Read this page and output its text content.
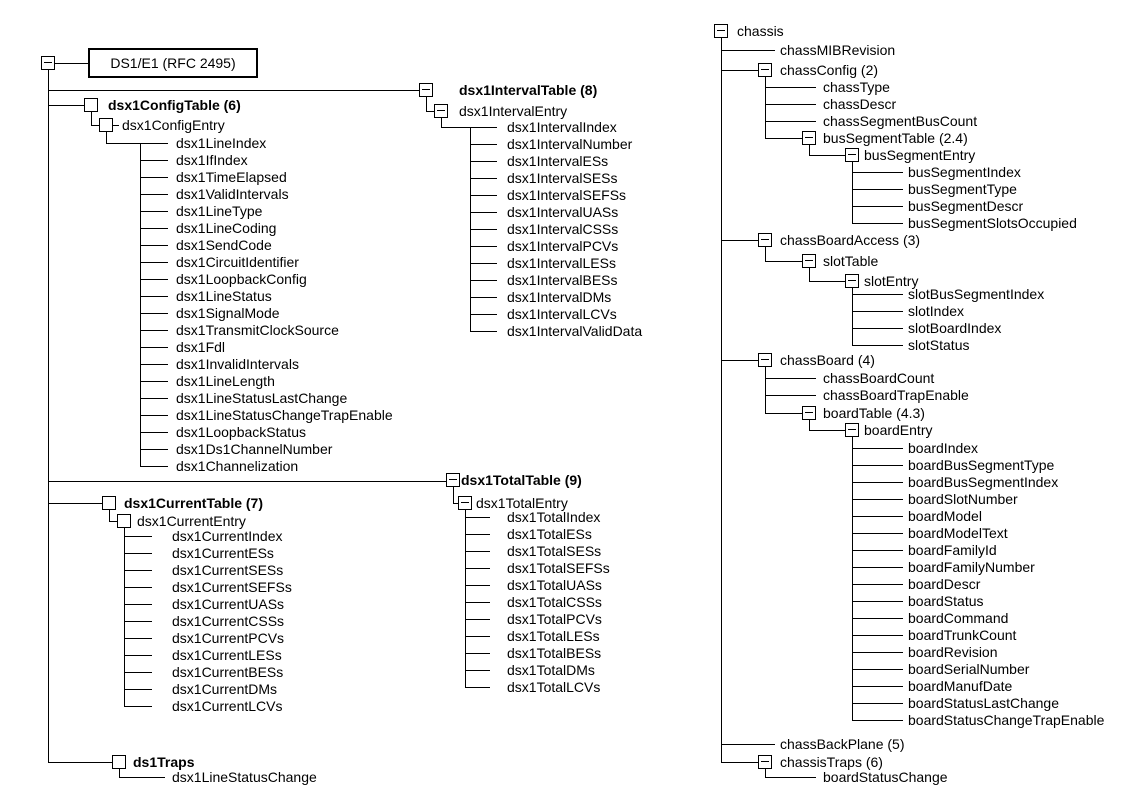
DS1/E1 (RFC 2495)
dsx1ConfigTable (6)
dsx1ConfigEntry
dsx1LineIndex
dsx1IfIndex
dsx1TimeElapsed
dsx1ValidIntervals
dsx1LineType
dsx1LineCoding
dsx1SendCode
dsx1CircuitIdentifier
dsx1LoopbackConfig
dsx1LineStatus
dsx1SignalMode
dsx1TransmitClockSource
dsx1Fdl
dsx1InvalidIntervals
dsx1LineLength
dsx1LineStatusLastChange
dsx1LineStatusChangeTrapEnable
dsx1LoopbackStatus
dsx1Ds1ChannelNumber
dsx1Channelization
dsx1CurrentTable (7)
dsx1CurrentEntry
dsx1CurrentIndex
dsx1CurrentESs
dsx1CurrentSESs
dsx1CurrentSEFSs
dsx1CurrentUASs
dsx1CurrentCSSs
dsx1CurrentPCVs
dsx1CurrentLESs
dsx1CurrentBESs
dsx1CurrentDMs
dsx1CurrentLCVs
ds1Traps
dsx1LineStatusChange
dsx1IntervalTable (8)
dsx1IntervalEntry
dsx1IntervalIndex
dsx1IntervalNumber
dsx1IntervalESs
dsx1IntervalSESs
dsx1IntervalSEFSs
dsx1IntervalUASs
dsx1IntervalCSSs
dsx1IntervalPCVs
dsx1IntervalLESs
dsx1IntervalBESs
dsx1IntervalDMs
dsx1IntervalLCVs
dsx1IntervalValidData
dsx1TotalTable (9)
dsx1TotalEntry
dsx1TotalIndex
dsx1TotalESs
dsx1TotalSESs
dsx1TotalSEFSs
dsx1TotalUASs
dsx1TotalCSSs
dsx1TotalPCVs
dsx1TotalLESs
dsx1TotalBESs
dsx1TotalDMs
dsx1TotalLCVs
chassis
chassMIBRevision
chassConfig (2)
chassType
chassDescr
chassSegmentBusCount
busSegmentTable (2.4)
busSegmentEntry
busSegmentIndex
busSegmentType
busSegmentDescr
busSegmentSlotsOccupied
chassBoardAccess (3)
slotTable
slotEntry
slotBusSegmentIndex
slotIndex
slotBoardIndex
slotStatus
chassBoard (4)
chassBoardCount
chassBoardTrapEnable
boardTable (4.3)
boardEntry
boardIndex
boardBusSegmentType
boardBusSegmentIndex
boardSlotNumber
boardModel
boardModelText
boardFamilyId
boardFamilyNumber
boardDescr
boardStatus
boardCommand
boardTrunkCount
boardRevision
boardSerialNumber
boardManufDate
boardStatusLastChange
boardStatusChangeTrapEnable
chassBackPlane (5)
chassisTraps (6)
boardStatusChange
